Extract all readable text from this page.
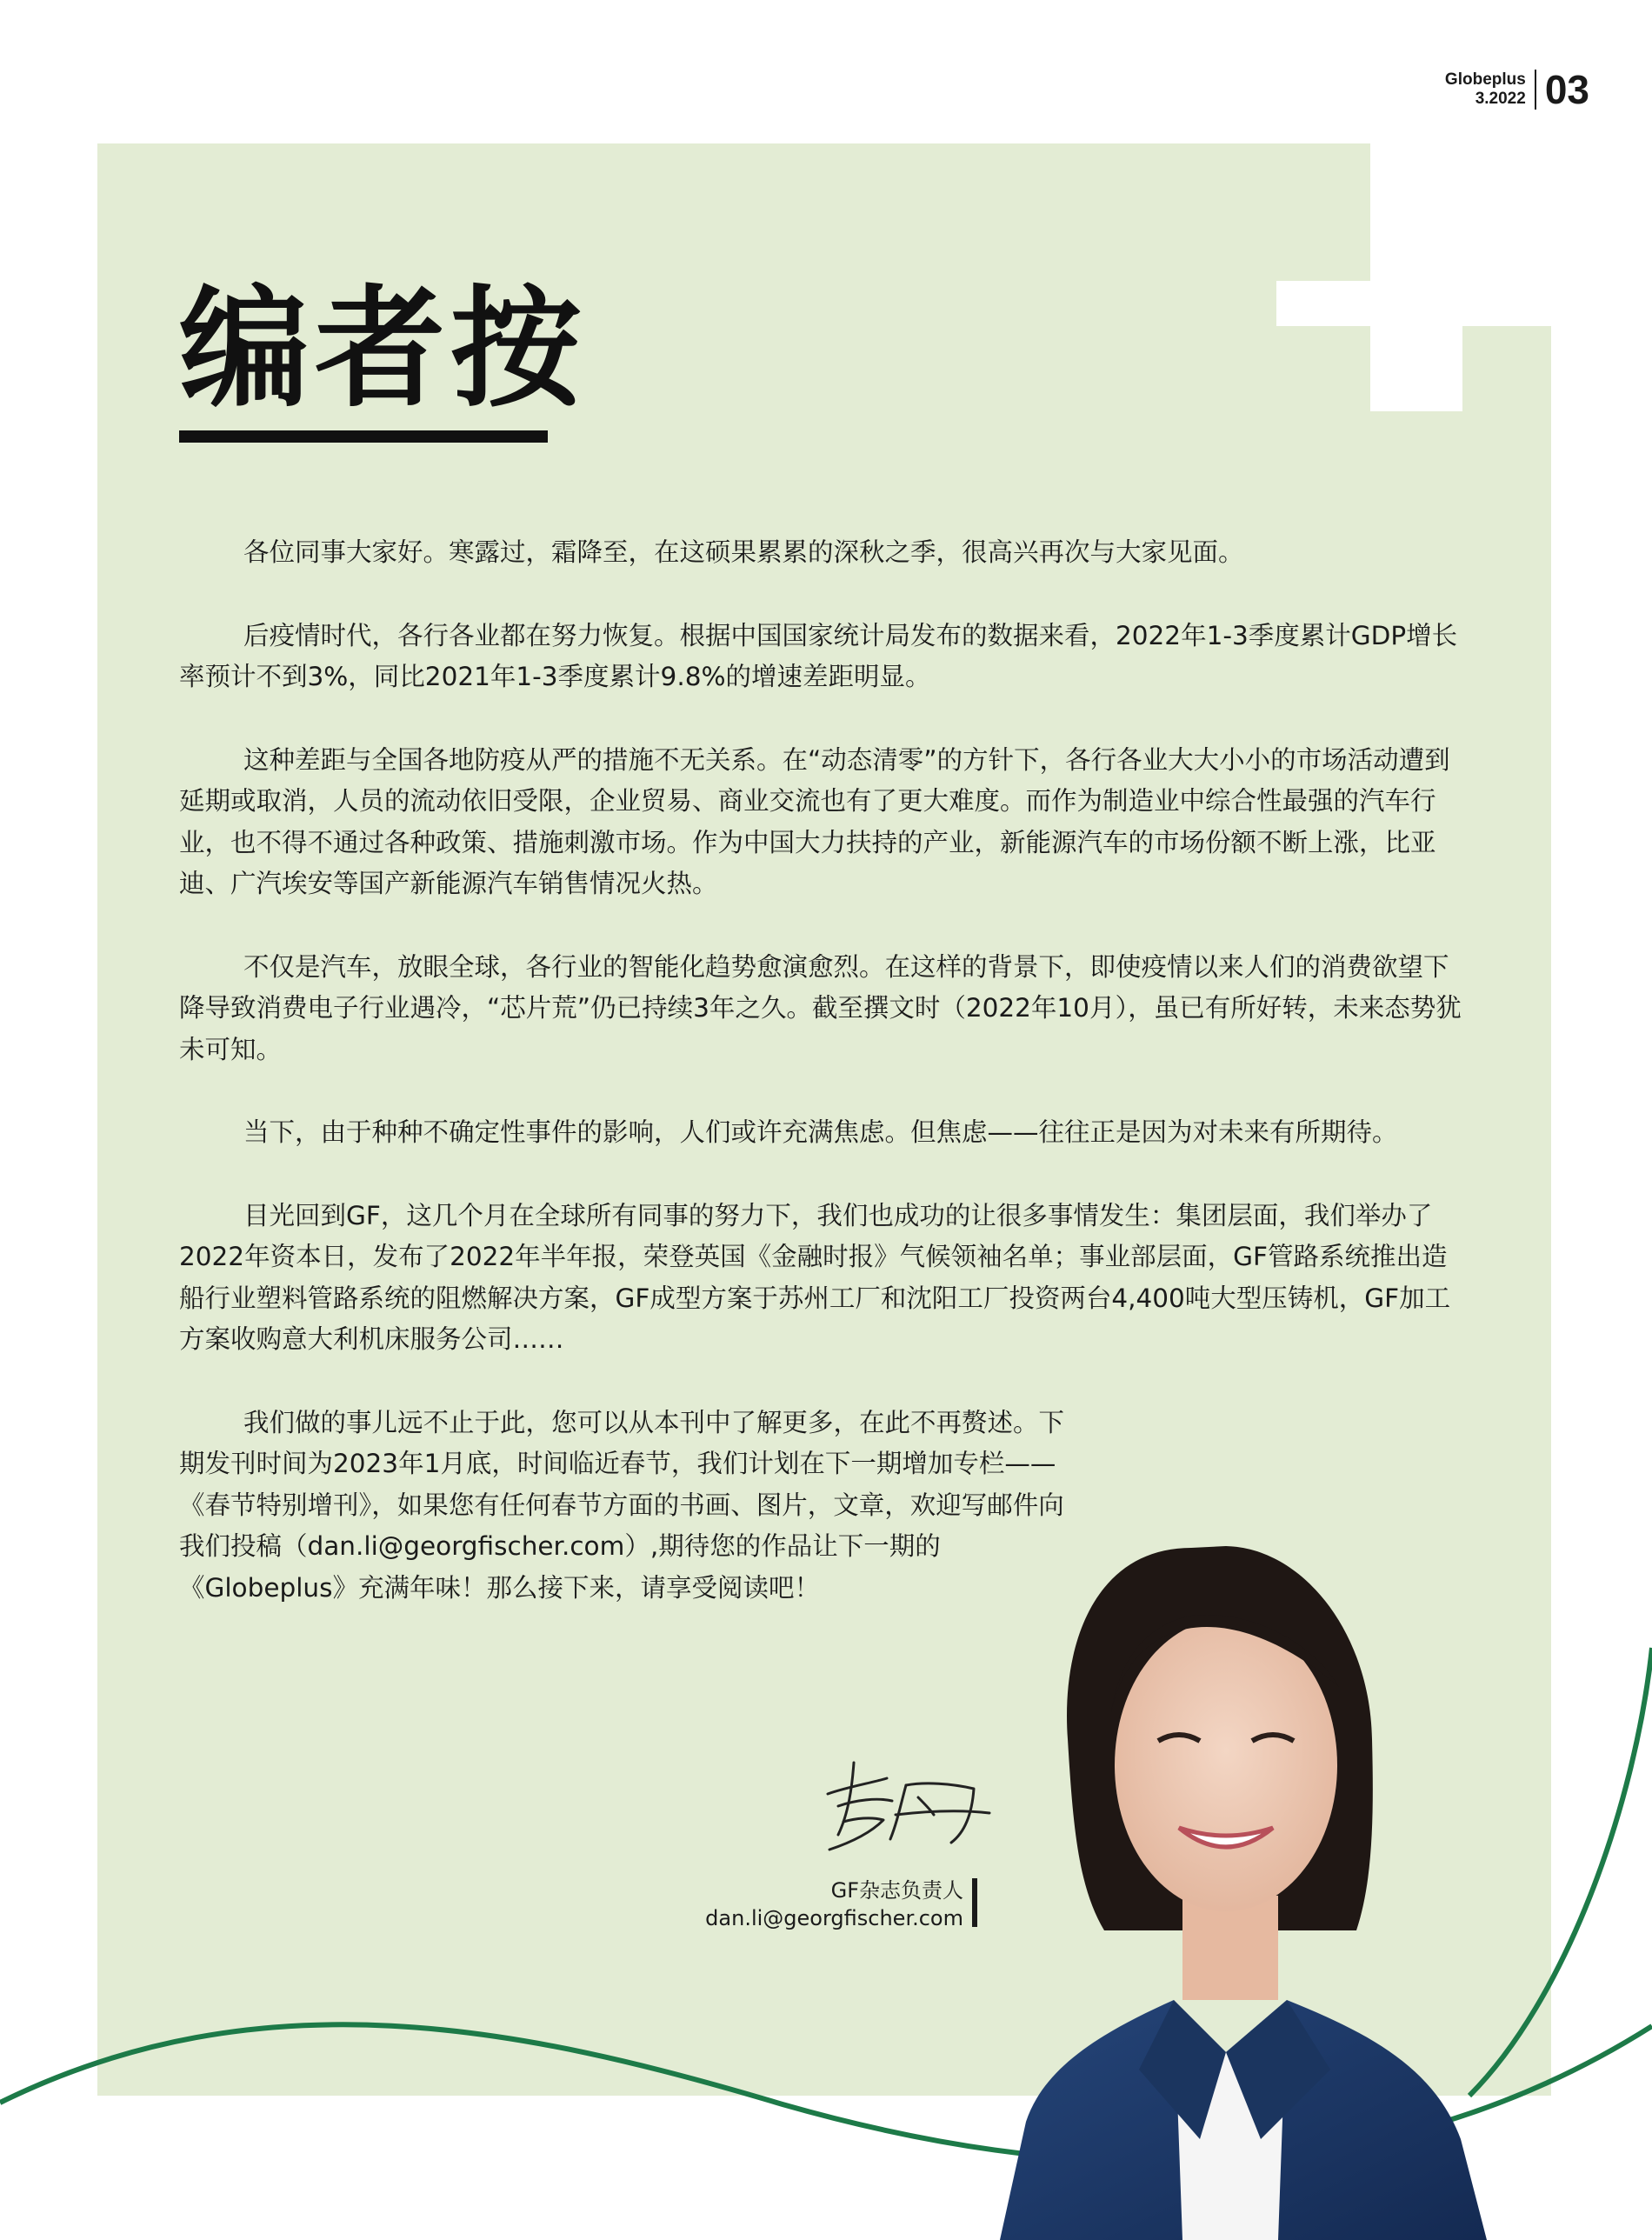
Globeplus
3.2022 03
编者按

各位同事大家好。寒露过，霜降至，在这硕果累累的深秋之季，很高兴再次与大家见面。

后疫情时代，各行各业都在努力恢复。根据中国国家统计局发布的数据来看，2022年1-3季度累计GDP增长率预计不到3%，同比2021年1-3季度累计9.8%的增速差距明显。

这种差距与全国各地防疫从严的措施不无关系。在“动态清零”的方针下，各行各业大大小小的市场活动遭到延期或取消，人员的流动依旧受限，企业贸易、商业交流也有了更大难度。而作为制造业中综合性最强的汽车行业，也不得不通过各种政策、措施刺激市场。作为中国大力扶持的产业，新能源汽车的市场份额不断上涨，比亚迪、广汽埃安等国产新能源汽车销售情况火热。

不仅是汽车，放眼全球，各行业的智能化趋势愈演愈烈。在这样的背景下，即使疫情以来人们的消费欲望下降导致消费电子行业遇冷，“芯片荒”仍已持续3年之久。截至撰文时（2022年10月），虽已有所好转，未来态势犹未可知。

当下，由于种种不确定性事件的影响，人们或许充满焦虑。但焦虑——往往正是因为对未来有所期待。

目光回到GF，这几个月在全球所有同事的努力下，我们也成功的让很多事情发生：集团层面，我们举办了2022年资本日，发布了2022年半年报，荣登英国《金融时报》气候领袖名单；事业部层面，GF管路系统推出造船行业塑料管路系统的阻燃解决方案，GF成型方案于苏州工厂和沈阳工厂投资两台4,400吨大型压铸机，GF加工方案收购意大利机床服务公司……

我们做的事儿远不止于此，您可以从本刊中了解更多，在此不再赘述。下期发刊时间为2023年1月底，时间临近春节，我们计划在下一期增加专栏——《春节特别增刊》，如果您有任何春节方面的书画、图片，文章，欢迎写邮件向我们投稿（dan.li@georgfischer.com）,期待您的作品让下一期的《Globeplus》充满年味！那么接下来，请享受阅读吧！

GF杂志负责人
dan.li@georgfischer.com
